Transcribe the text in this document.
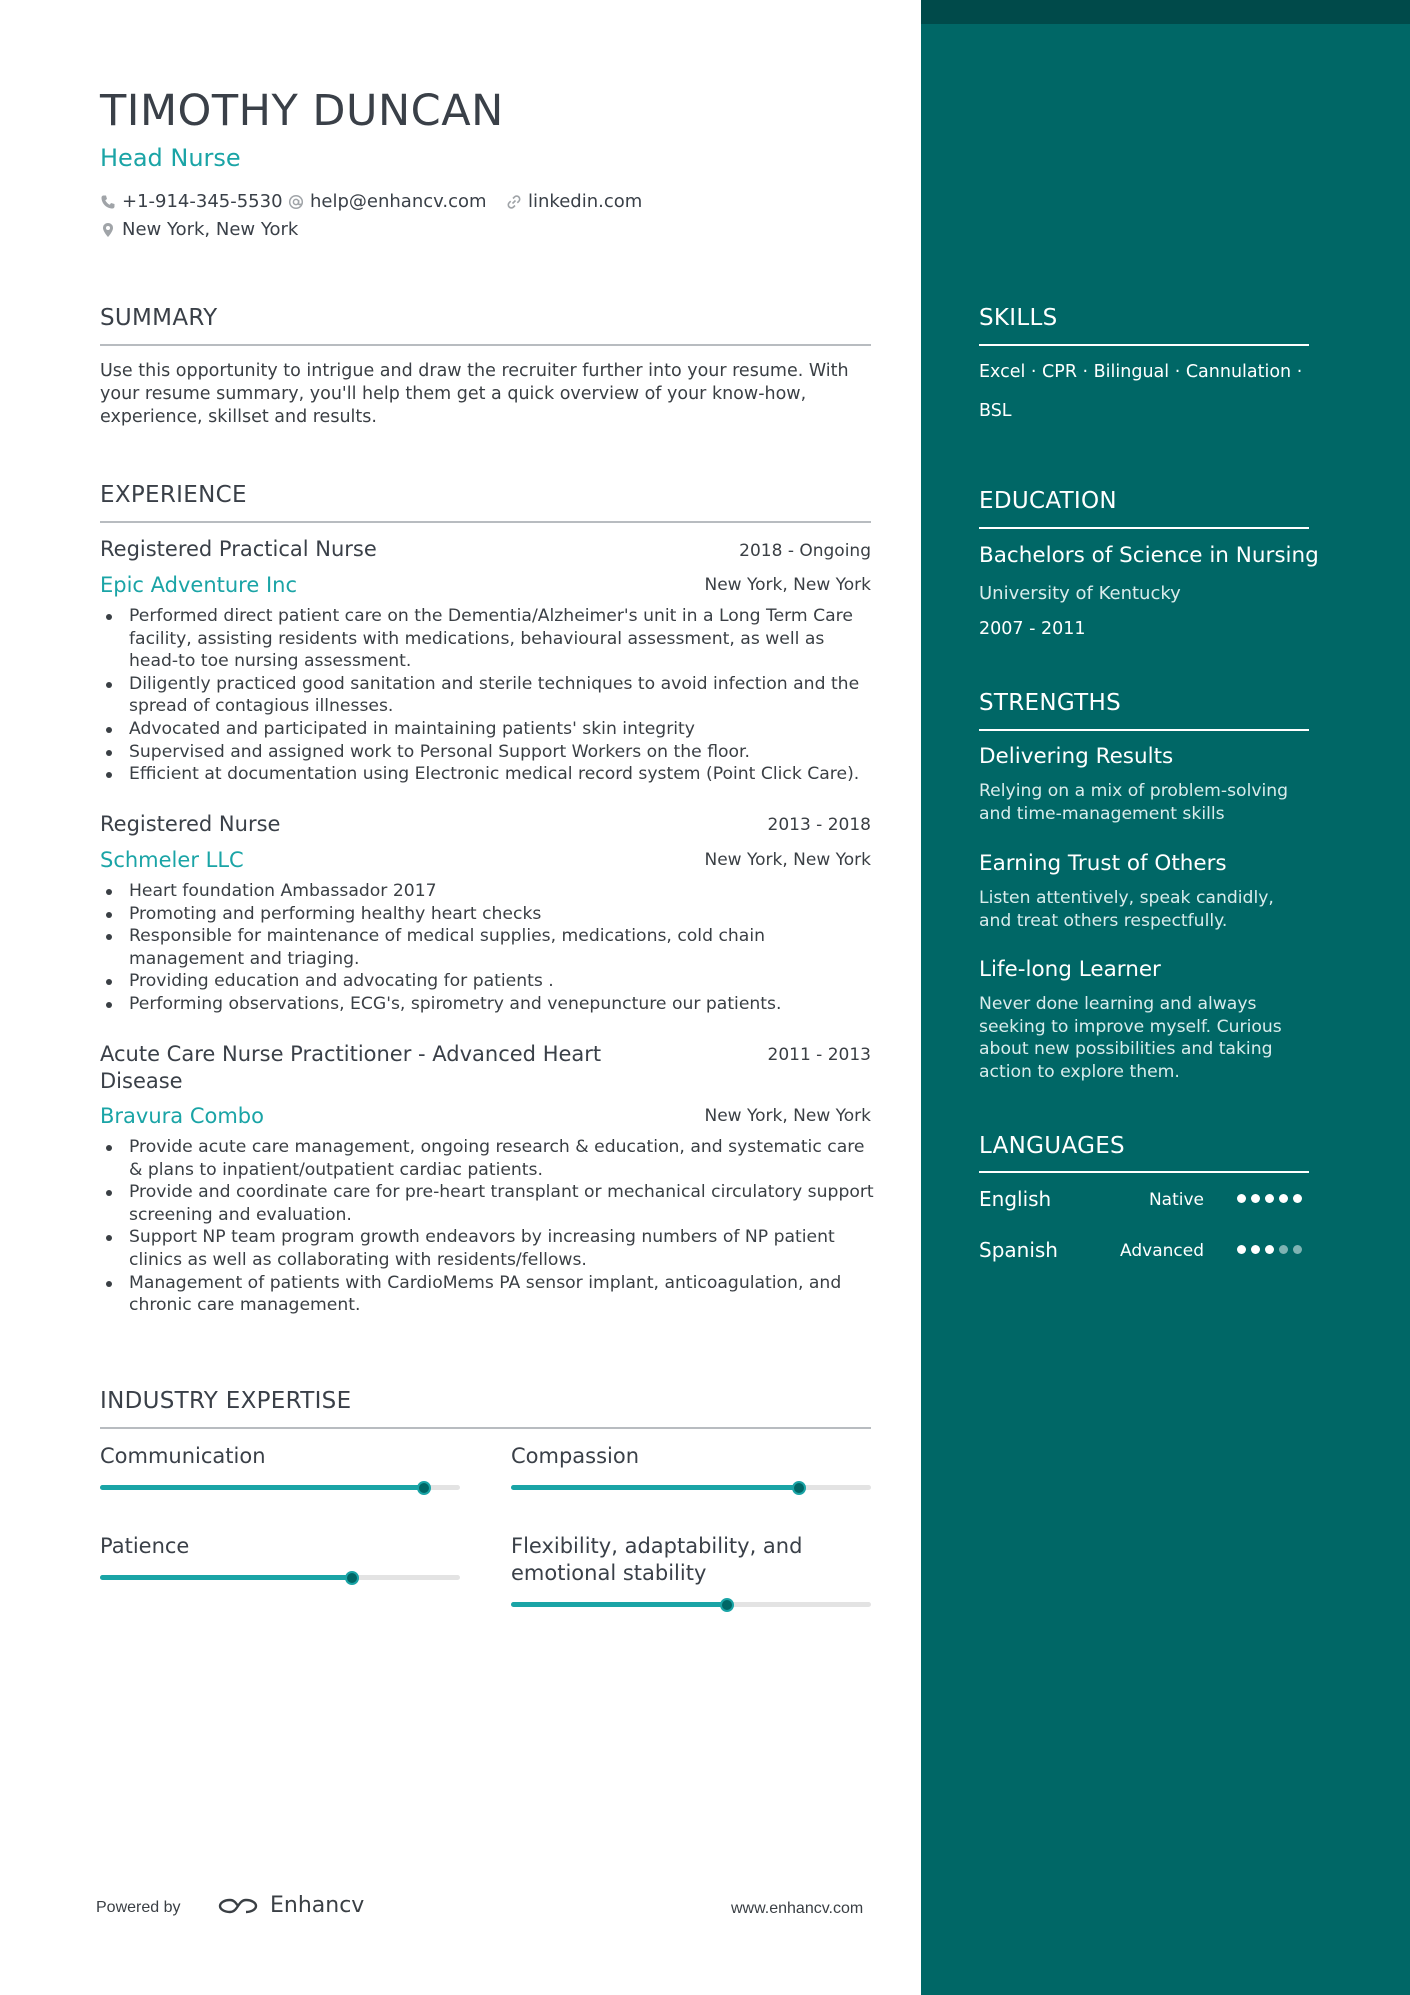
TIMOTHY DUNCAN
Head Nurse
+1-914-345-5530 help@enhancv.com linkedin.com
New York, New York
SUMMARY
Use this opportunity to intrigue and draw the recruiter further into your resume. With your resume summary, you'll help them get a quick overview of your know-how, experience, skillset and results.
EXPERIENCE
Registered Practical Nurse	2018 - Ongoing
Epic Adventure Inc	New York, New York
Performed direct patient care on the Dementia/Alzheimer's unit in a Long Term Care facility, assisting residents with medications, behavioural assessment, as well as head-to toe nursing assessment.
Diligently practiced good sanitation and sterile techniques to avoid infection and the spread of contagious illnesses.
Advocated and participated in maintaining patients' skin integrity
Supervised and assigned work to Personal Support Workers on the floor.
Efficient at documentation using Electronic medical record system (Point Click Care).
Registered Nurse	2013 - 2018
Schmeler LLC	New York, New York
Heart foundation Ambassador 2017
Promoting and performing healthy heart checks
Responsible for maintenance of medical supplies, medications, cold chain management and triaging.
Providing education and advocating for patients .
Performing observations, ECG's, spirometry and venepuncture our patients.
Acute Care Nurse Practitioner - Advanced Heart Disease
2011 - 2013
Bravura Combo	New York, New York
Provide acute care management, ongoing research & education, and systematic care & plans to inpatient/outpatient cardiac patients.
Provide and coordinate care for pre-heart transplant or mechanical circulatory support screening and evaluation.
Support NP team program growth endeavors by increasing numbers of NP patient clinics as well as collaborating with residents/fellows.
Management of patients with CardioMems PA sensor implant, anticoagulation, and chronic care management.
INDUSTRY EXPERTISE
Communication	Compassion
Patience	Flexibility, adaptability, and emotional stability
SKILLS
Excel · CPR · Bilingual · Cannulation ·
BSL
EDUCATION
Bachelors of Science in Nursing
University of Kentucky
2007 - 2011
STRENGTHS
Delivering Results
Relying on a mix of problem-solving and time-management skills
Earning Trust of Others
Listen attentively, speak candidly, and treat others respectfully.
Life-long Learner
Never done learning and always seeking to improve myself. Curious about new possibilities and taking action to explore them.
LANGUAGES
English	Native
Spanish	Advanced
Powered by	Enhancv	www.enhancv.com
